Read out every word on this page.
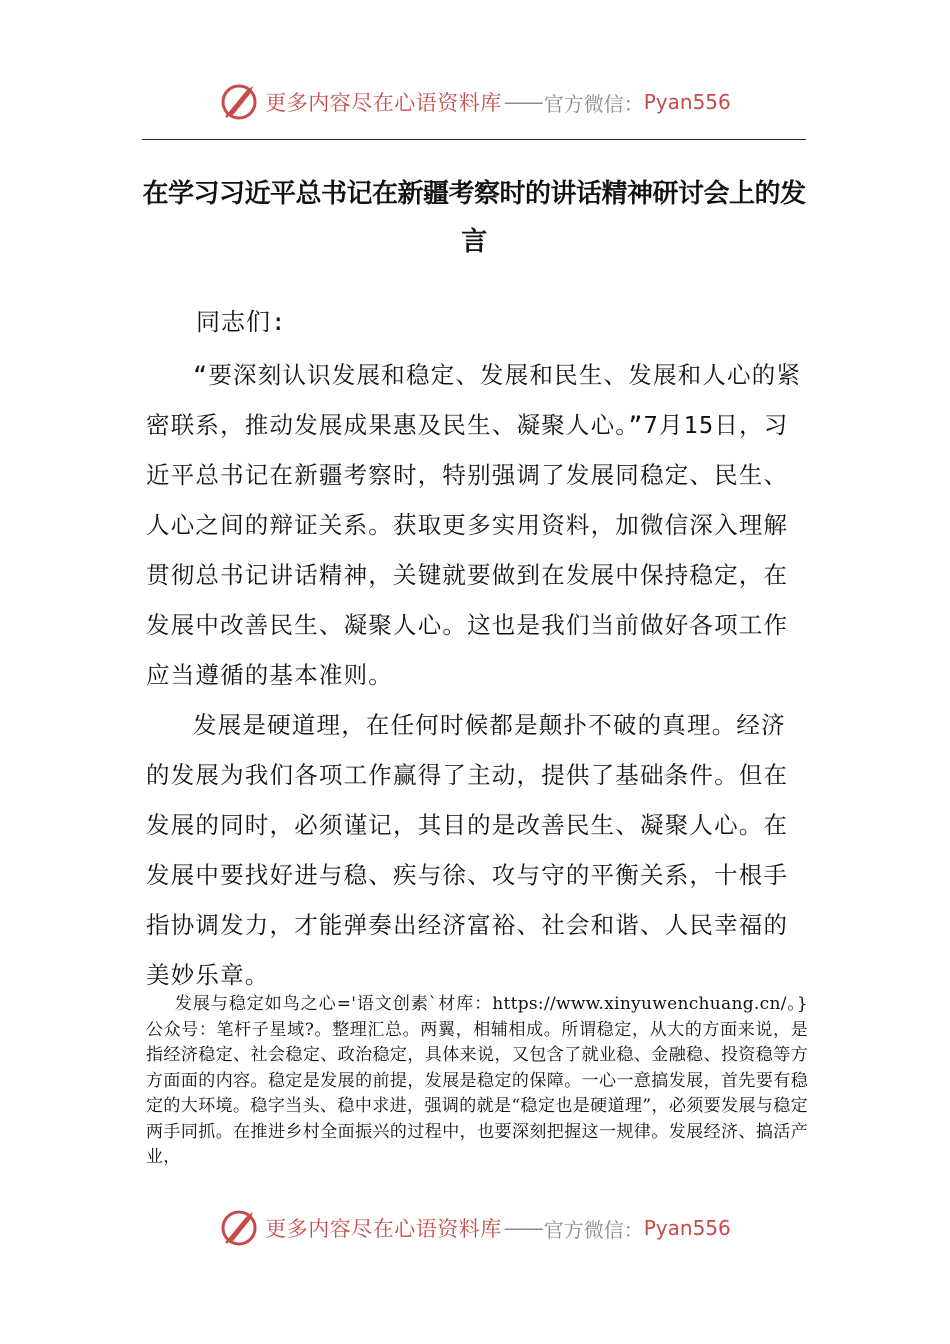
更多内容尽在心语资料库 —— 官方微信： Pyan556
在学习习近平总书记在新疆考察时的讲话精神研讨会上的发言
同志们:

“要深刻认识发展和稳定、发展和民生、发展和人心的紧密联系，推动发展成果惠及民生、凝聚人心。”7月15日，习近平总书记在新疆考察时，特别强调了发展同稳定、民生、人心之间的辩证关系。获取更多实用资料，加微信深入理解贯彻总书记讲话精神，关键就要做到在发展中保持稳定，在发展中改善民生、凝聚人心。这也是我们当前做好各项工作应当遵循的基本准则。

发展是硬道理，在任何时候都是颠扑不破的真理。经济的发展为我们各项工作赢得了主动，提供了基础条件。但在发展的同时，必须谨记，其目的是改善民生、凝聚人心。在发展中要找好进与稳、疾与徐、攻与守的平衡关系，十根手指协调发力，才能弹奏出经济富裕、社会和谐、人民幸福的美妙乐章。

发展与稳定如鸟之心='语文创素`材库：https://www.xinyuwenchuang.cn/。}公众号：笔杆子星域?。整理汇总。两翼，相辅相成。所谓稳定，从大的方面来说，是指经济稳定、社会稳定、政治稳定，具体来说，又包含了就业稳、金融稳、投资稳等方方面面的内容。稳定是发展的前提，发展是稳定的保障。一心一意搞发展，首先要有稳定的大环境。稳字当头、稳中求进，强调的就是“稳定也是硬道理”，必须要发展与稳定两手同抓。在推进乡村全面振兴的过程中，也要深刻把握这一规律。发展经济、搞活产业，

更多内容尽在心语资料库 —— 官方微信： Pyan556
